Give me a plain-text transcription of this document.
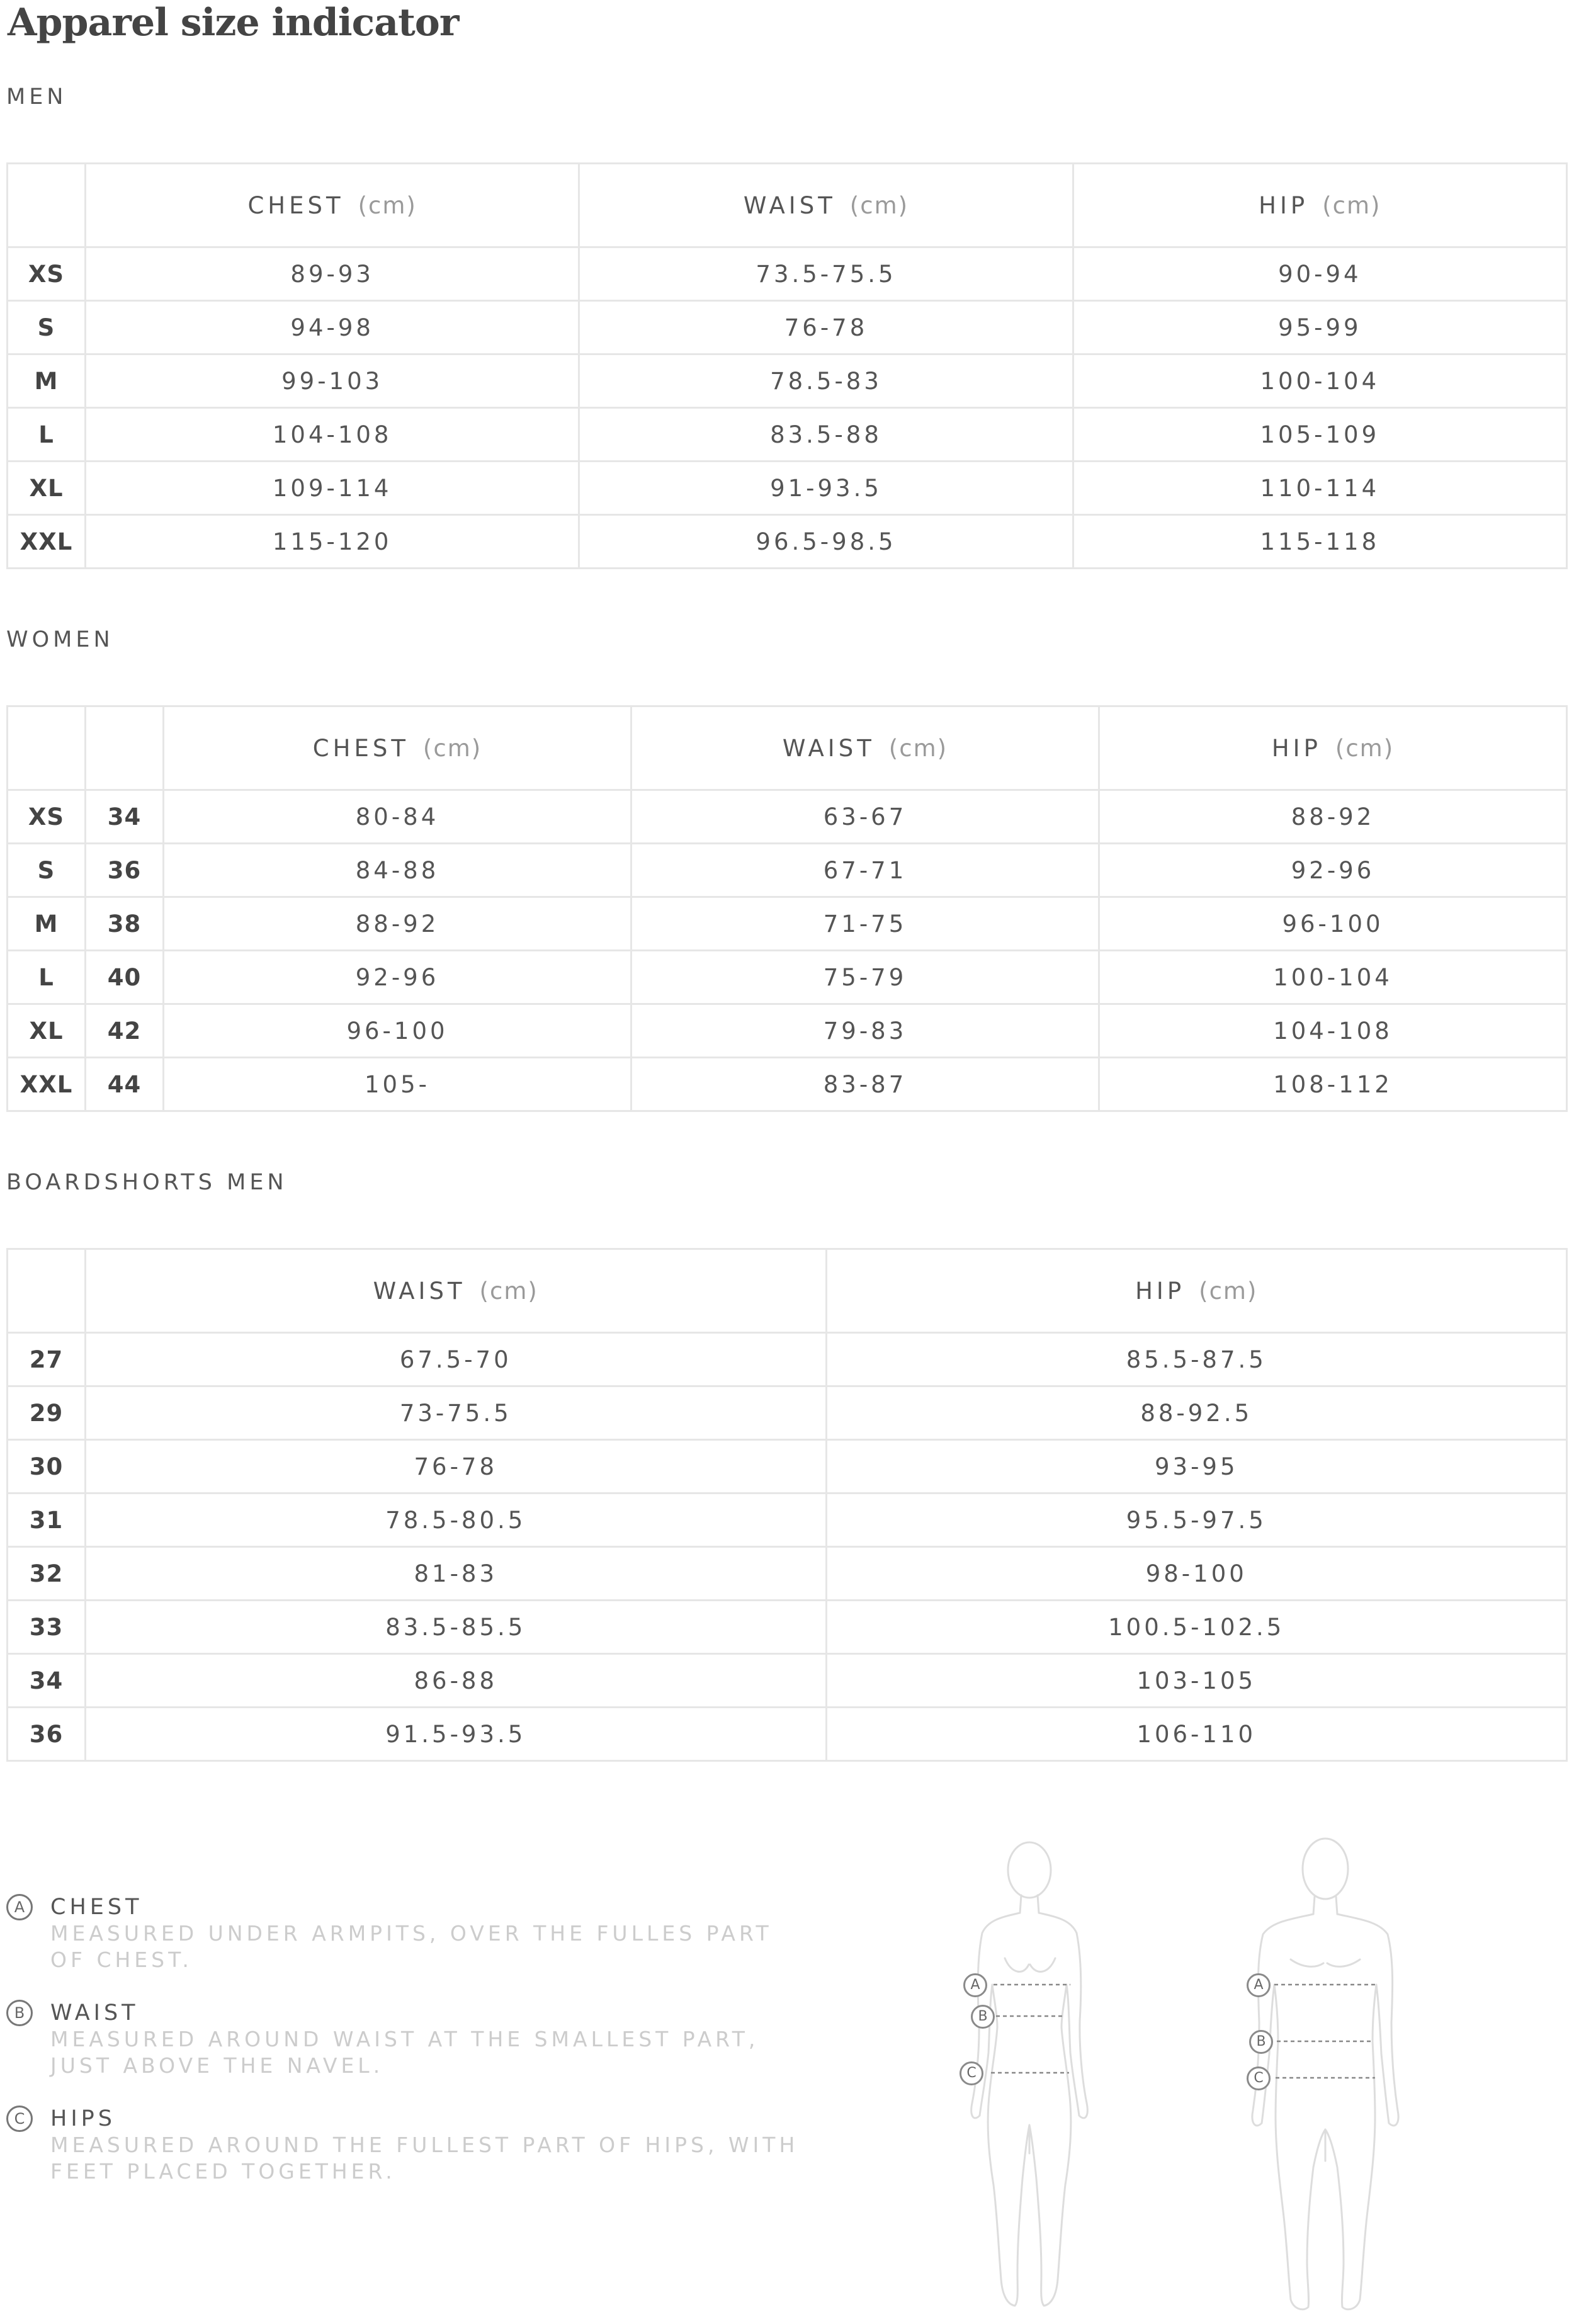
Apparel size indicator
MEN
	CHEST (cm)	WAIST (cm)	HIP (cm)
XS	89-93	73.5-75.5	90-94
S	94-98	76-78	95-99
M	99-103	78.5-83	100-104
L	104-108	83.5-88	105-109
XL	109-114	91-93.5	110-114
XXL	115-120	96.5-98.5	115-118
WOMEN
		CHEST (cm)	WAIST (cm)	HIP (cm)
XS	34	80-84	63-67	88-92
S	36	84-88	67-71	92-96
M	38	88-92	71-75	96-100
L	40	92-96	75-79	100-104
XL	42	96-100	79-83	104-108
XXL	44	105-	83-87	108-112
BOARDSHORTS MEN
	WAIST (cm)	HIP (cm)
27	67.5-70	85.5-87.5
29	73-75.5	88-92.5
30	76-78	93-95
31	78.5-80.5	95.5-97.5
32	81-83	98-100
33	83.5-85.5	100.5-102.5
34	86-88	103-105
36	91.5-93.5	106-110
A	CHEST
MEASURED UNDER ARMPITS, OVER THE FULLES PART OF CHEST.
B	WAIST
MEASURED AROUND WAIST AT THE SMALLEST PART, JUST ABOVE THE NAVEL.
C	HIPS
MEASURED AROUND THE FULLEST PART OF HIPS, WITH FEET PLACED TOGETHER.
A
B
C
A
B
C
